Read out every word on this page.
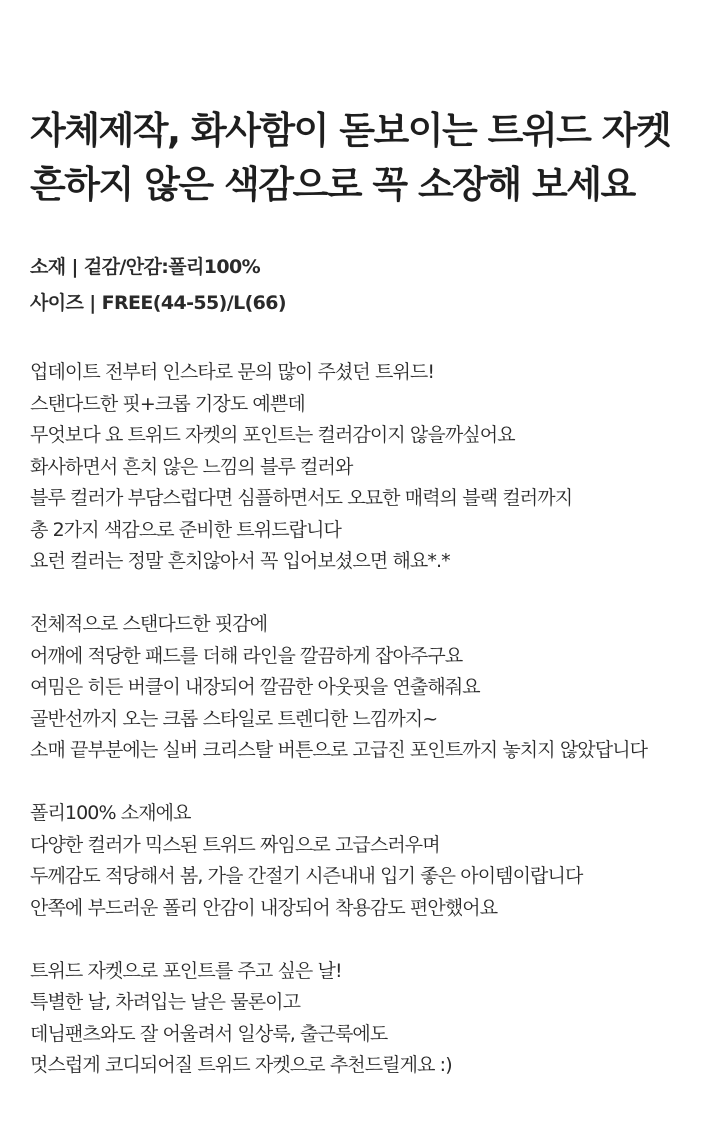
자체제작, 화사함이 돋보이는 트위드 자켓
흔하지 않은 색감으로 꼭 소장해 보세요
소재 | 겉감/안감:폴리100%
사이즈 | FREE(44-55)/L(66)
업데이트 전부터 인스타로 문의 많이 주셨던 트위드!
스탠다드한 핏+크롭 기장도 예쁜데
무엇보다 요 트위드 자켓의 포인트는 컬러감이지 않을까싶어요
화사하면서 흔치 않은 느낌의 블루 컬러와
블루 컬러가 부담스럽다면 심플하면서도 오묘한 매력의 블랙 컬러까지
총 2가지 색감으로 준비한 트위드랍니다
요런 컬러는 정말 흔치않아서 꼭 입어보셨으면 해요*.*
전체적으로 스탠다드한 핏감에
어깨에 적당한 패드를 더해 라인을 깔끔하게 잡아주구요
여밈은 히든 버클이 내장되어 깔끔한 아웃핏을 연출해줘요
골반선까지 오는 크롭 스타일로 트렌디한 느낌까지~
소매 끝부분에는 실버 크리스탈 버튼으로 고급진 포인트까지 놓치지 않았답니다
폴리100% 소재에요
다양한 컬러가 믹스된 트위드 짜임으로 고급스러우며
두께감도 적당해서 봄, 가을 간절기 시즌내내 입기 좋은 아이템이랍니다
안쪽에 부드러운 폴리 안감이 내장되어 착용감도 편안했어요
트위드 자켓으로 포인트를 주고 싶은 날!
특별한 날, 차려입는 날은 물론이고
데님팬츠와도 잘 어울려서 일상룩, 출근룩에도
멋스럽게 코디되어질 트위드 자켓으로 추천드릴게요 :)
